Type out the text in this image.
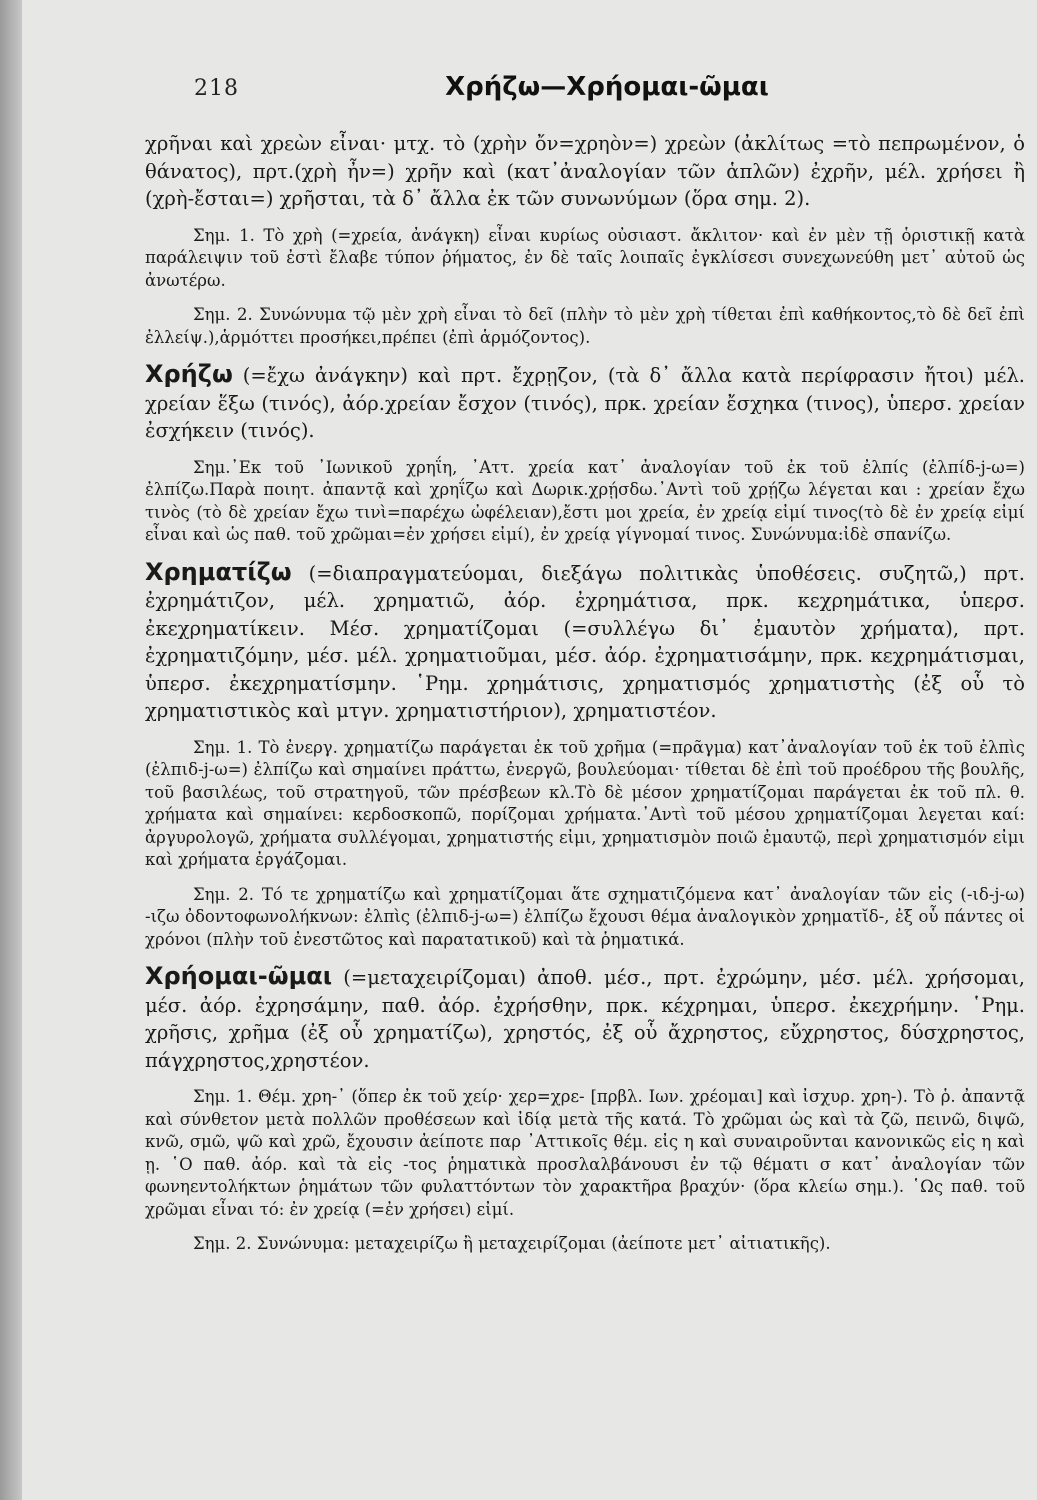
218	Χρήζω—Χρήομαι-ῶμαι

χρῆναι καὶ χρεὼν εἶναι· μτχ. τὸ (χρὴν ὄν=χρηὸν=) χρεὼν (ἀκλίτως =τὸ πεπρωμένον, ὁ θάνατος), πρτ.(χρὴ ἦν=) χρῆν καὶ (κατ᾽ἀναλογίαν τῶν ἁπλῶν) ἐχρῆν, μέλ. χρήσει ἢ (χρὴ-ἔσται=) χρῆσται, τὰ δ᾽ ἄλλα ἐκ τῶν συνωνύμων (ὅρα σημ. 2).

Σημ. 1. Τὸ χρὴ (=χρεία, ἀνάγκη) εἶναι κυρίως οὐσιαστ. ἄκλιτον· καὶ ἐν μὲν τῇ ὁριστικῇ κατὰ παράλειψιν τοῦ ἐστὶ ἔλαβε τύπον ῥήματος, ἐν δὲ ταῖς λοιπαῖς ἐγκλίσεσι συνεχωνεύθη μετ᾽ αὐτοῦ ὡς ἀνωτέρω.

Σημ. 2. Συνώνυμα τῷ μὲν χρὴ εἶναι τὸ δεῖ (πλὴν τὸ μὲν χρὴ τίθεται ἐπὶ καθήκοντος,τὸ δὲ δεῖ ἐπὶ ἐλλείψ.),ἁρμόττει προσήκει,πρέπει (ἐπὶ ἁρμόζοντος).

Χρήζω (=ἔχω ἀνάγκην) καὶ πρτ. ἔχρῃζον, (τὰ δ᾽ ἄλλα κατὰ περίφρασιν ἤτοι) μέλ. χρείαν ἕξω (τινός), ἀόρ.χρείαν ἔσχον (τινός), πρκ. χρείαν ἔσχηκα (τινος), ὑπερσ. χρείαν ἐσχήκειν (τινός).

Σημ.᾽Εκ τοῦ ᾽Ιωνικοῦ χρηΐη, ᾽Αττ. χρεία κατ᾽ ἀναλογίαν τοῦ ἐκ τοῦ ἐλπίς (ἐλπίδ-j-ω=) ἐλπίζω.Παρὰ ποιητ. ἀπαντᾷ καὶ χρηΐζω καὶ Δωρικ.χρῄσδω.᾽Αντὶ τοῦ χρῄζω λέγεται και : χρείαν ἔχω τινὸς (τὸ δὲ χρείαν ἔχω τινὶ=παρέχω ὠφέλειαν),ἔστι μοι χρεία, ἐν χρείᾳ εἰμί τινος(τὸ δὲ ἐν χρείᾳ εἰμί εἶναι καὶ ὡς παθ. τοῦ χρῶμαι=ἐν χρήσει εἰμί), ἐν χρείᾳ γίγνομαί τινος. Συνώνυμα:ἰδὲ σπανίζω.

Χρηματίζω (=διαπραγματεύομαι, διεξάγω πολιτικὰς ὑποθέσεις. συζητῶ,) πρτ. ἐχρημάτιζον, μέλ. χρηματιῶ, ἀόρ. ἐχρημάτισα, πρκ. κεχρημάτικα, ὑπερσ. ἐκεχρηματίκειν. Μέσ. χρηματίζομαι (=συλλέγω δι᾽ ἐμαυτὸν χρήματα), πρτ. ἐχρηματιζόμην, μέσ. μέλ. χρηματιοῦμαι, μέσ. ἀόρ. ἐχρηματισάμην, πρκ. κεχρημάτισμαι, ὑπερσ. ἐκεχρηματίσμην. ῾Ρημ. χρημάτισις, χρηματισμός χρηματιστὴς (ἐξ οὗ τὸ χρηματιστικὸς καὶ μτγν. χρηματιστήριον), χρηματιστέον.

Σημ. 1. Τὸ ἐνεργ. χρηματίζω παράγεται ἐκ τοῦ χρῆμα (=πρᾶγμα) κατ᾽ἀναλογίαν τοῦ ἐκ τοῦ ἐλπὶς (ἐλπιδ-j-ω=) ἐλπίζω καὶ σημαίνει πράττω, ἐνεργῶ, βουλεύομαι· τίθεται δὲ ἐπὶ τοῦ προέδρου τῆς βουλῆς, τοῦ βασιλέως, τοῦ στρατηγοῦ, τῶν πρέσβεων κλ.Τὸ δὲ μέσον χρηματίζομαι παράγεται ἐκ τοῦ πλ. θ. χρήματα καὶ σημαίνει: κερδοσκοπῶ, πορίζομαι χρήματα.᾽Αντὶ τοῦ μέσου χρηματίζομαι λεγεται καί: ἀργυρολογῶ, χρήματα συλλέγομαι, χρηματιστής εἰμι, χρηματισμὸν ποιῶ ἐμαυτῷ, περὶ χρηματισμόν εἰμι καὶ χρήματα ἐργάζομαι.

Σημ. 2. Τό τε χρηματίζω καὶ χρηματίζομαι ἅτε σχηματιζόμενα κατ᾽ ἀναλογίαν τῶν εἰς (-ιδ-j-ω) -ιζω ὀδοντοφωνολήκνων: ἐλπὶς (ἐλπιδ-j-ω=) ἐλπίζω ἔχουσι θέμα ἀναλογικὸν χρηματῐδ-, ἐξ οὗ πάντες οἱ χρόνοι (πλὴν τοῦ ἐνεστῶτος καὶ παρατατικοῦ) καὶ τὰ ῥηματικά.

Χρήομαι-ῶμαι (=μεταχειρίζομαι) ἀποθ. μέσ., πρτ. ἐχρώμην, μέσ. μέλ. χρήσομαι, μέσ. ἀόρ. ἐχρησάμην, παθ. ἀόρ. ἐχρήσθην, πρκ. κέχρημαι, ὑπερσ. ἐκεχρήμην. ῾Ρημ. χρῆσις, χρῆμα (ἐξ οὗ χρηματίζω), χρηστός, ἐξ οὗ ἄχρηστος, εὔχρηστος, δύσχρηστος, πάγχρηστος,χρηστέον.

Σημ. 1. Θέμ. χρη-᾽ (ὅπερ ἐκ τοῦ χείρ· χερ=χρε- [πρβλ. Ιων. χρέομαι] καὶ ἰσχυρ. χρη-). Τὸ ῥ. ἀπαντᾷ καὶ σύνθετον μετὰ πολλῶν προθέσεων καὶ ἰδίᾳ μετὰ τῆς κατά. Τὸ χρῶμαι ὡς καὶ τὰ ζῶ, πεινῶ, διψῶ, κνῶ, σμῶ, ψῶ καὶ χρῶ, ἔχουσιν ἀείποτε παρ ᾽Αττικοῖς θέμ. εἰς η καὶ συναιροῦνται κανονικῶς εἰς η καὶ ῃ. ῾Ο παθ. ἀόρ. καὶ τὰ εἰς -τος ῥηματικὰ προσλαλβάνουσι ἐν τῷ θέματι σ κατ᾽ ἀναλογίαν τῶν φωνηεντολήκτων ῥημάτων τῶν φυλαττόντων τὸν χαρακτῆρα βραχύν· (ὅρα κλείω σημ.). ῾Ως παθ. τοῦ χρῶμαι εἶναι τό: ἐν χρείᾳ (=ἐν χρήσει) εἰμί.

Σημ. 2. Συνώνυμα: μεταχειρίζω ἢ μεταχειρίζομαι (ἀείποτε μετ᾽ αἰτιατικῆς).
